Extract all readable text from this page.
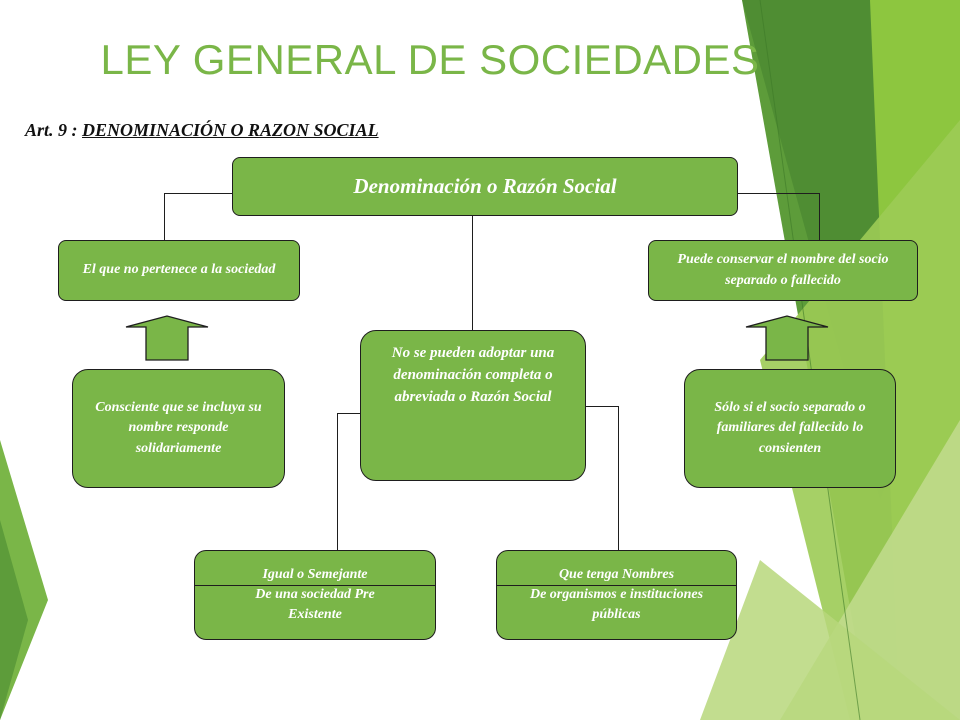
LEY GENERAL DE SOCIEDADES
Art. 9 : DENOMINACIÓN O RAZON SOCIAL
Denominación o Razón Social
El que no pertenece a la sociedad
Puede conservar el nombre del socio separado o fallecido
No se pueden adoptar una denominación completa o abreviada o Razón Social
Consciente que se incluya su nombre responde solidariamente
Sólo si el socio separado o familiares del fallecido lo consienten
Igual o Semejante
De una sociedad Pre Existente
Que tenga Nombres
De organismos e instituciones públicas
